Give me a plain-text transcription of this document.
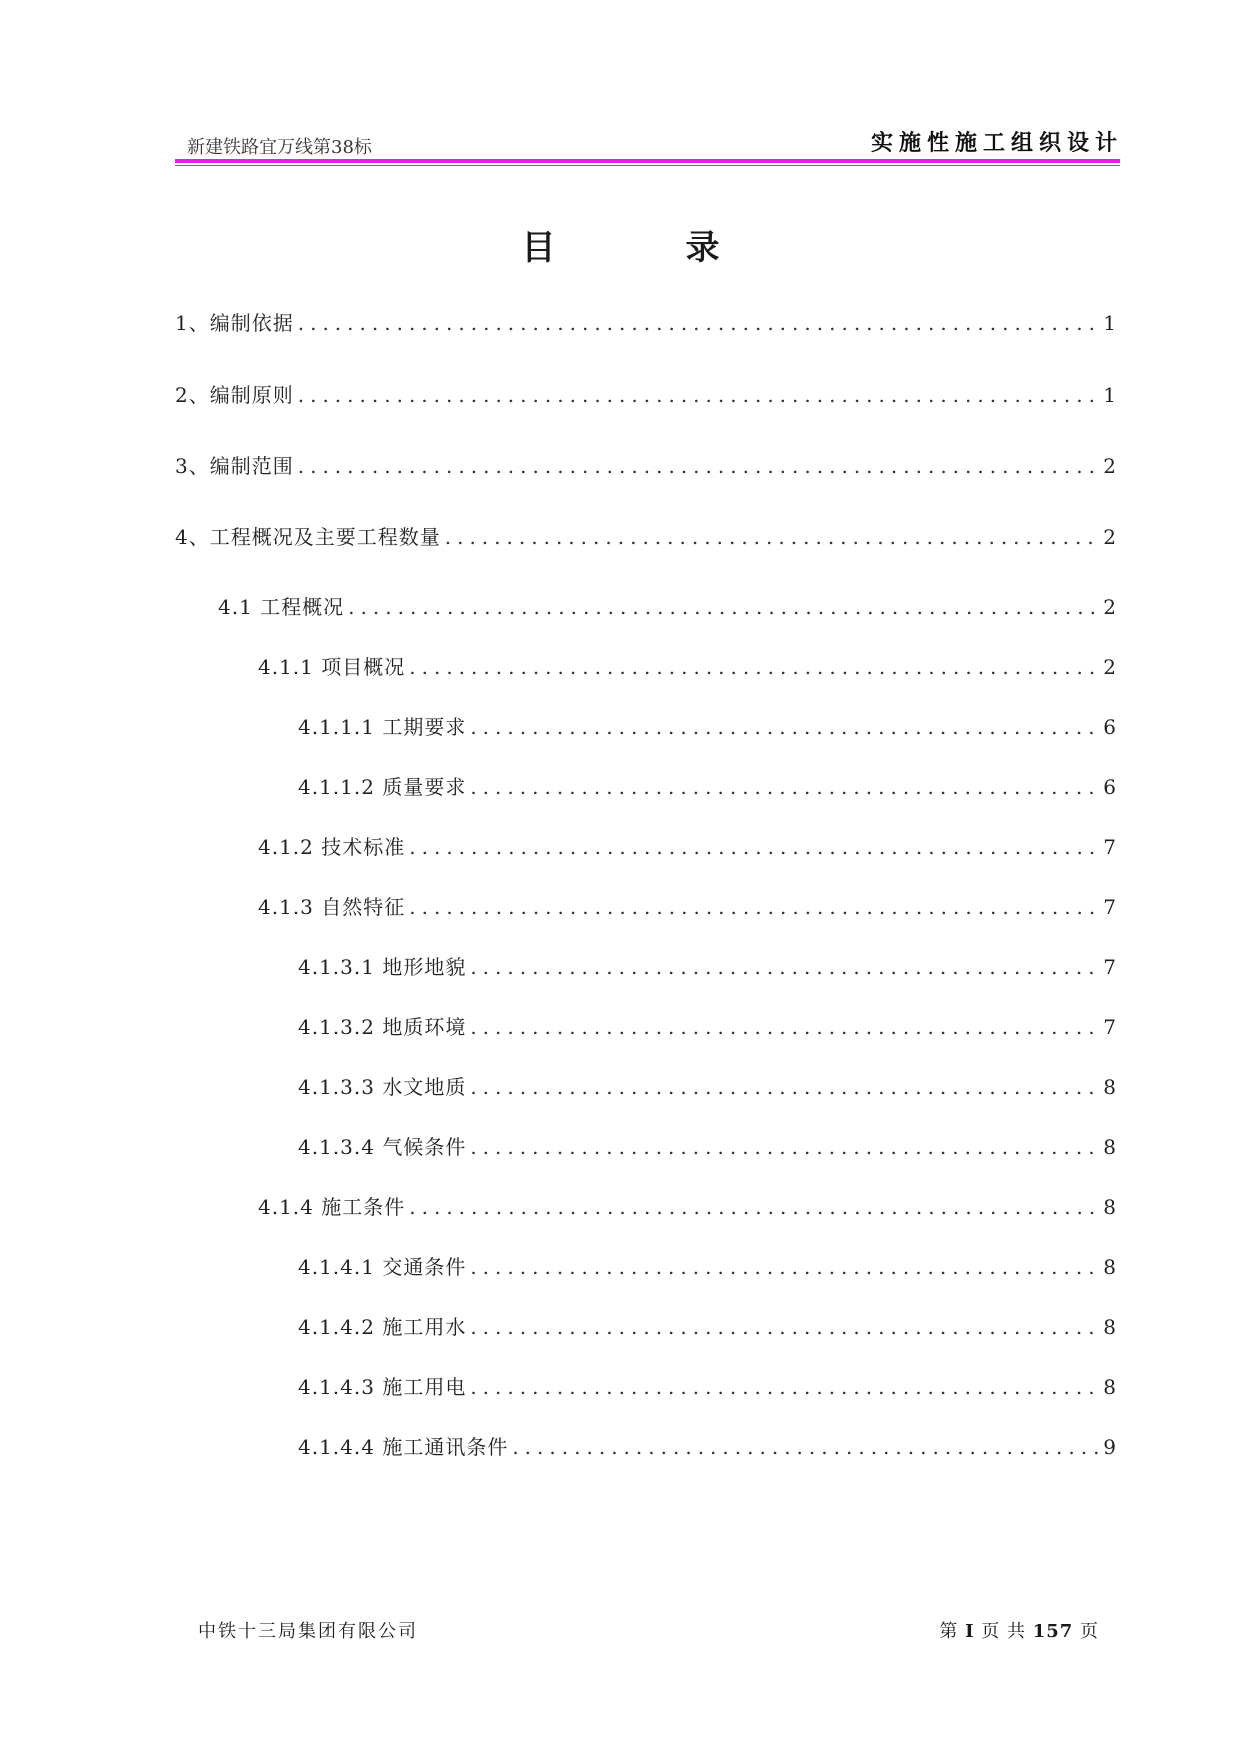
新建铁路宜万线第38标	实施性施工组织设计
目	录
1、编制依据 .....	1
2、编制原则 .....	1
3、编制范围 .....	2
4、工程概况及主要工程数量 .....	2
4.1 工程概况 .....	2
4.1.1 项目概况 .....	2
4.1.1.1 工期要求 .....	6
4.1.1.2 质量要求 .....	6
4.1.2 技术标准 .....	7
4.1.3 自然特征 .....	7
4.1.3.1 地形地貌 .....	7
4.1.3.2 地质环境 .....	7
4.1.3.3 水文地质 .....	8
4.1.3.4 气候条件 .....	8
4.1.4 施工条件 .....	8
4.1.4.1 交通条件 .....	8
4.1.4.2 施工用水 .....	8
4.1.4.3 施工用电 .....	8
4.1.4.4 施工通讯条件 .....	9
中铁十三局集团有限公司	第 I 页 共 157 页
